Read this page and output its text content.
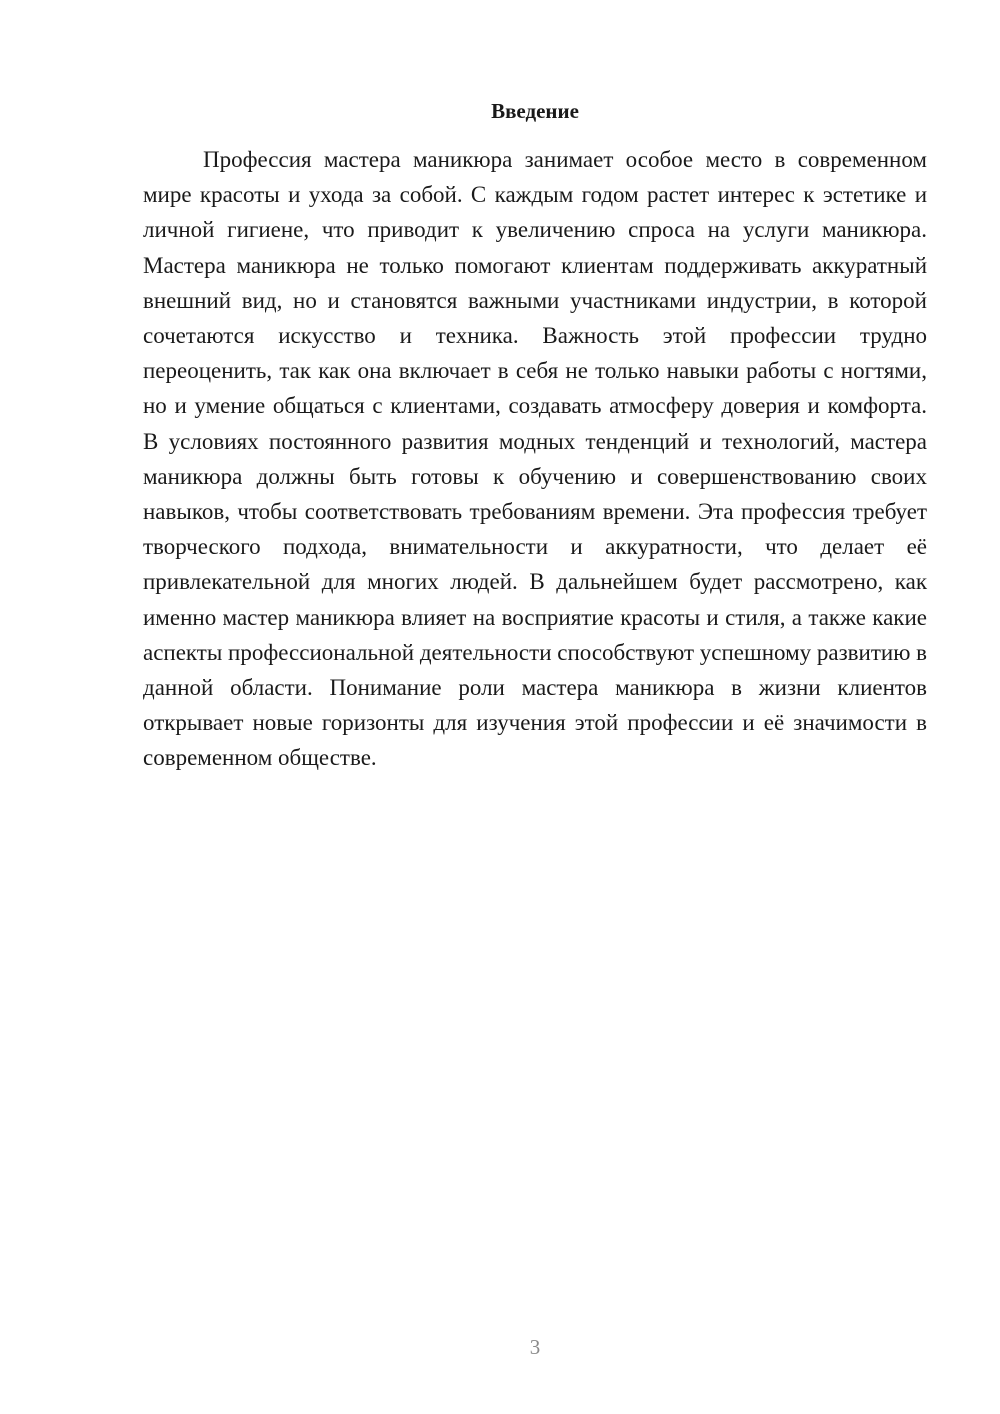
Введение

Профессия мастера маникюра занимает особое место в современном мире красоты и ухода за собой. С каждым годом растет интерес к эстетике и личной гигиене, что приводит к увеличению спроса на услуги маникюра. Мастера маникюра не только помогают клиентам поддерживать аккуратный внешний вид, но и становятся важными участниками индустрии, в которой сочетаются искусство и техника. Важность этой профессии трудно переоценить, так как она включает в себя не только навыки работы с ногтями, но и умение общаться с клиентами, создавать атмосферу доверия и комфорта. В условиях постоянного развития модных тенденций и технологий, мастера маникюра должны быть готовы к обучению и совершенствованию своих навыков, чтобы соответствовать требованиям времени. Эта профессия требует творческого подхода, внимательности и аккуратности, что делает её привлекательной для многих людей. В дальнейшем будет рассмотрено, как именно мастер маникюра влияет на восприятие красоты и стиля, а также какие аспекты профессиональной деятельности способствуют успешному развитию в данной области. Понимание роли мастера маникюра в жизни клиентов открывает новые горизонты для изучения этой профессии и её значимости в современном обществе.

3
